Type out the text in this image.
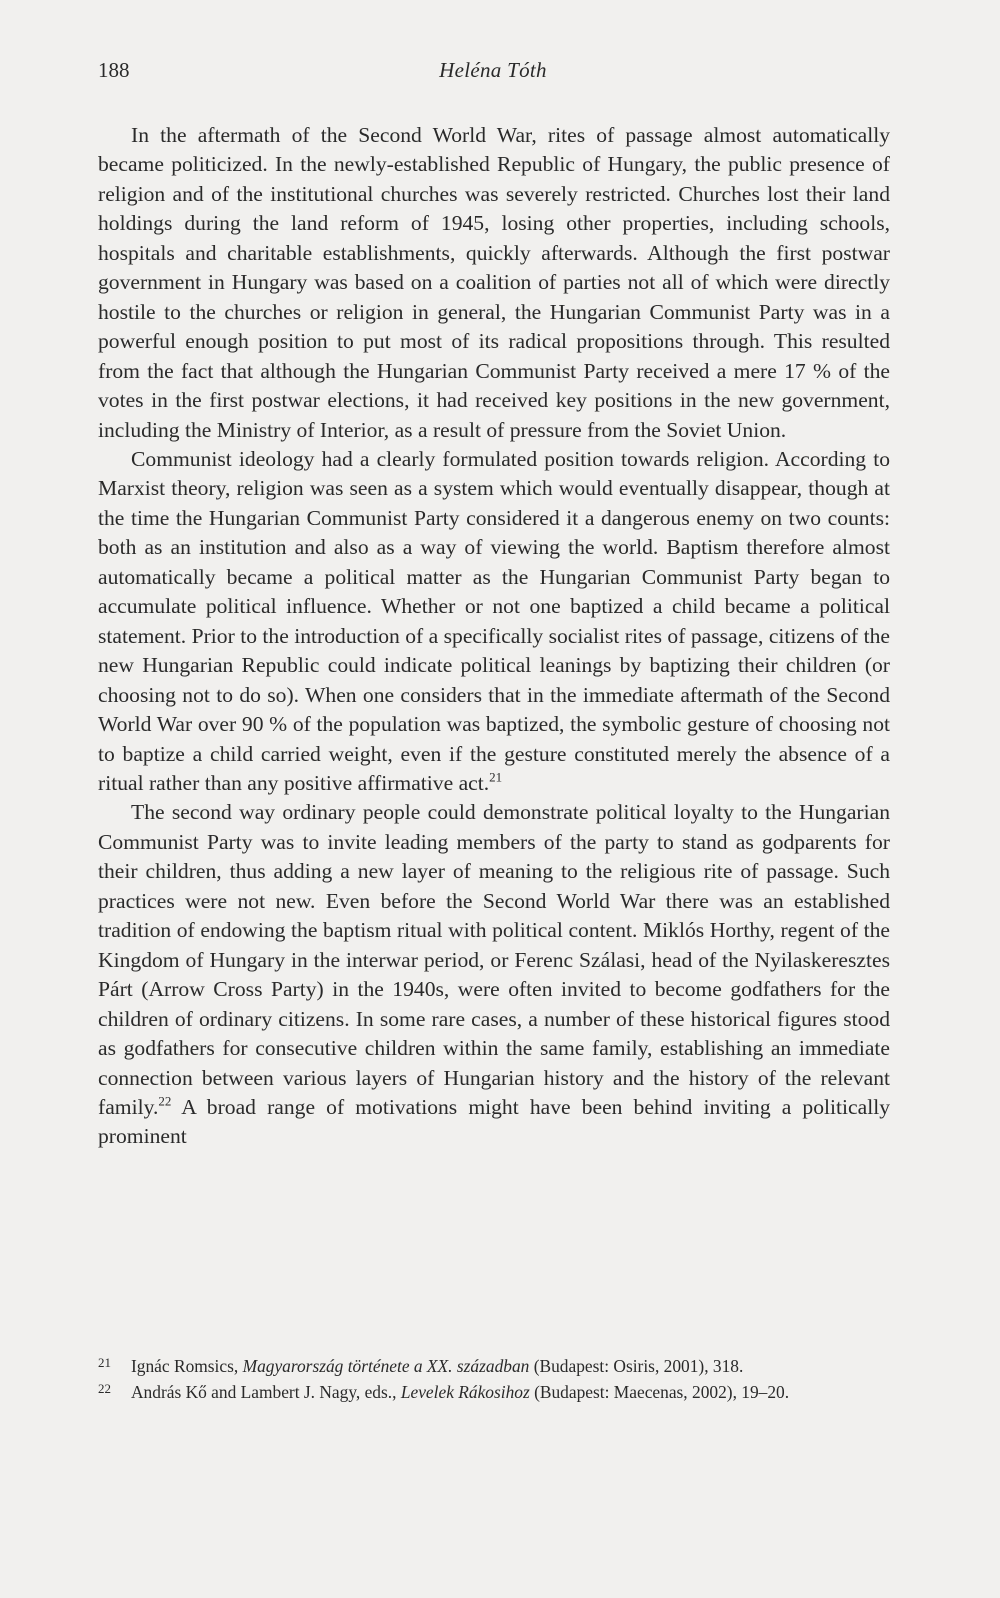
188	Heléna Tóth

In the aftermath of the Second World War, rites of passage almost automatically became politicized. In the newly-established Republic of Hungary, the public presence of religion and of the institutional churches was severely restricted. Churches lost their land holdings during the land reform of 1945, losing other properties, including schools, hospitals and charitable establishments, quickly afterwards. Although the first postwar government in Hungary was based on a coalition of parties not all of which were directly hostile to the churches or religion in general, the Hungarian Communist Party was in a powerful enough position to put most of its radical propositions through. This resulted from the fact that although the Hungarian Communist Party received a mere 17 % of the votes in the first postwar elections, it had received key positions in the new government, including the Ministry of Interior, as a result of pressure from the Soviet Union.

Communist ideology had a clearly formulated position towards religion. According to Marxist theory, religion was seen as a system which would eventually disappear, though at the time the Hungarian Communist Party considered it a dangerous enemy on two counts: both as an institution and also as a way of viewing the world. Baptism therefore almost automatically became a political matter as the Hungarian Communist Party began to accumulate political influence. Whether or not one baptized a child became a political statement. Prior to the introduction of a specifically socialist rites of passage, citizens of the new Hungarian Republic could indicate political leanings by baptizing their children (or choosing not to do so). When one considers that in the immediate aftermath of the Second World War over 90 % of the population was baptized, the symbolic gesture of choosing not to baptize a child carried weight, even if the gesture constituted merely the absence of a ritual rather than any positive affirmative act.$^{21}$

The second way ordinary people could demonstrate political loyalty to the Hungarian Communist Party was to invite leading members of the party to stand as godparents for their children, thus adding a new layer of meaning to the religious rite of passage. Such practices were not new. Even before the Second World War there was an established tradition of endowing the baptism ritual with political content. Miklós Horthy, regent of the Kingdom of Hungary in the interwar period, or Ferenc Szálasi, head of the Nyilaskeresztes Párt (Arrow Cross Party) in the 1940s, were often invited to become godfathers for the children of ordinary citizens. In some rare cases, a number of these historical figures stood as godfathers for consecutive children within the same family, establishing an immediate connection between various layers of Hungarian history and the history of the relevant family.$^{22}$ A broad range of motivations might have been behind inviting a politically prominent

21 Ignác Romsics, Magyarország története a XX. században (Budapest: Osiris, 2001), 318.
22 András Kő and Lambert J. Nagy, eds., Levelek Rákosihoz (Budapest: Maecenas, 2002), 19–20.
